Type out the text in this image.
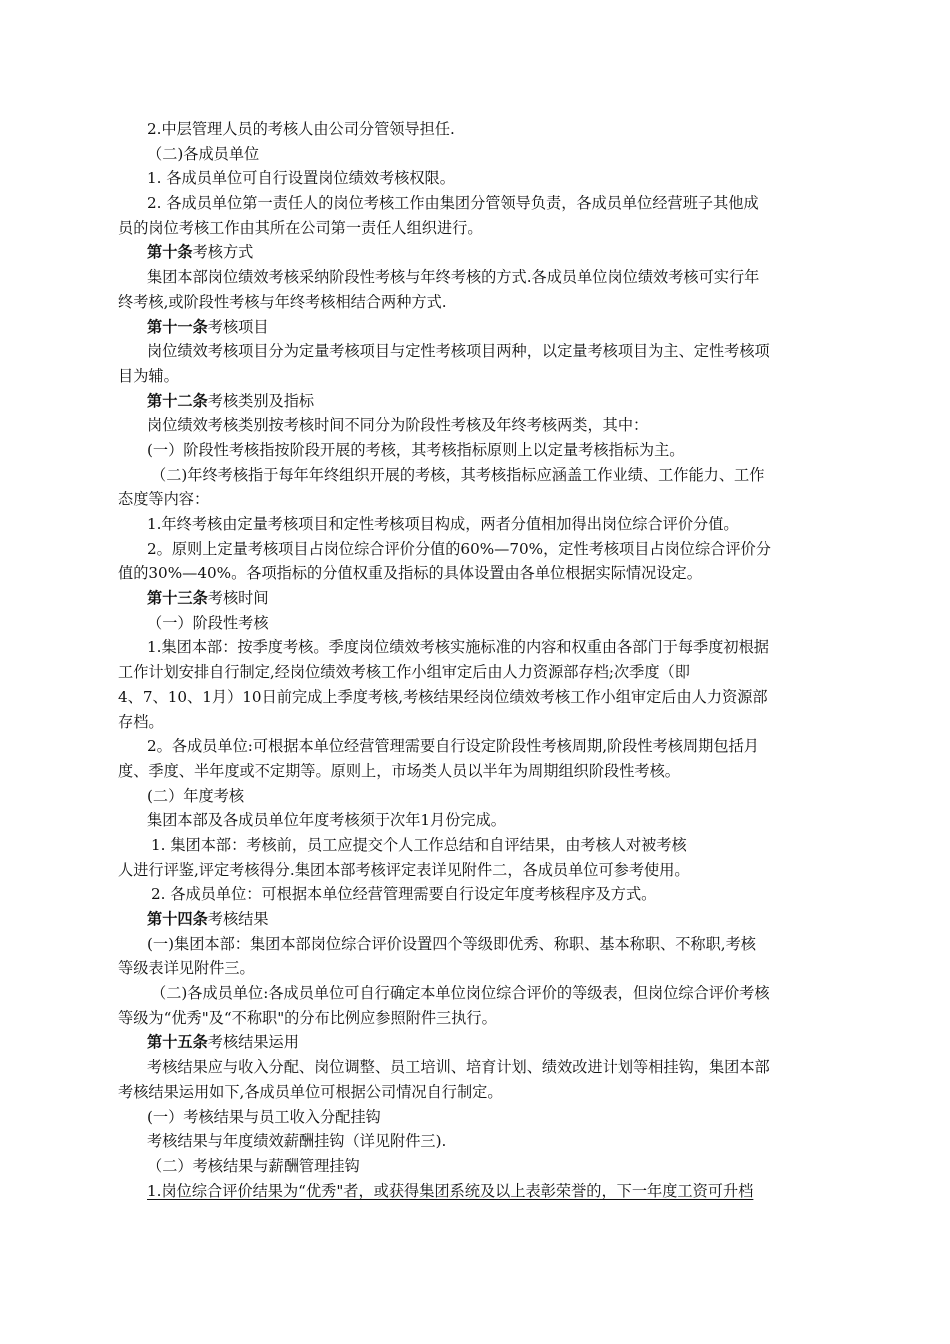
2.中层管理人员的考核人由公司分管领导担任.
（二)各成员单位
1. 各成员单位可自行设置岗位绩效考核权限。
2. 各成员单位第一责任人的岗位考核工作由集团分管领导负责，各成员单位经营班子其他成
员的岗位考核工作由其所在公司第一责任人组织进行。
第十条考核方式
集团本部岗位绩效考核采纳阶段性考核与年终考核的方式.各成员单位岗位绩效考核可实行年
终考核,或阶段性考核与年终考核相结合两种方式.
第十一条考核项目
岗位绩效考核项目分为定量考核项目与定性考核项目两种，以定量考核项目为主、定性考核项
目为辅。
第十二条考核类别及指标
岗位绩效考核类别按考核时间不同分为阶段性考核及年终考核两类，其中：
(一）阶段性考核指按阶段开展的考核，其考核指标原则上以定量考核指标为主。
（二)年终考核指于每年年终组织开展的考核，其考核指标应涵盖工作业绩、工作能力、工作
态度等内容：
1.年终考核由定量考核项目和定性考核项目构成，两者分值相加得出岗位综合评价分值。
2。原则上定量考核项目占岗位综合评价分值的60%—70%，定性考核项目占岗位综合评价分
值的30%—40%。各项指标的分值权重及指标的具体设置由各单位根据实际情况设定。
第十三条考核时间
（一）阶段性考核
1.集团本部：按季度考核。季度岗位绩效考核实施标准的内容和权重由各部门于每季度初根据
工作计划安排自行制定,经岗位绩效考核工作小组审定后由人力资源部存档;次季度（即
4、7、10、1月）10日前完成上季度考核,考核结果经岗位绩效考核工作小组审定后由人力资源部
存档。
2。各成员单位:可根据本单位经营管理需要自行设定阶段性考核周期,阶段性考核周期包括月
度、季度、半年度或不定期等。原则上，市场类人员以半年为周期组织阶段性考核。
(二）年度考核
集团本部及各成员单位年度考核须于次年1月份完成。
1. 集团本部：考核前，员工应提交个人工作总结和自评结果，由考核人对被考核
人进行评鉴,评定考核得分.集团本部考核评定表详见附件二，各成员单位可参考使用。
2. 各成员单位：可根据本单位经营管理需要自行设定年度考核程序及方式。
第十四条考核结果
(一)集团本部：集团本部岗位综合评价设置四个等级即优秀、称职、基本称职、不称职,考核
等级表详见附件三。
（二)各成员单位:各成员单位可自行确定本单位岗位综合评价的等级表，但岗位综合评价考核
等级为“优秀"及“不称职"的分布比例应参照附件三执行。
第十五条考核结果运用
考核结果应与收入分配、岗位调整、员工培训、培育计划、绩效改进计划等相挂钩，集团本部
考核结果运用如下,各成员单位可根据公司情况自行制定。
(一）考核结果与员工收入分配挂钩
考核结果与年度绩效薪酬挂钩（详见附件三).
（二）考核结果与薪酬管理挂钩
1.岗位综合评价结果为“优秀"者，或获得集团系统及以上表彰荣誉的，下一年度工资可升档
